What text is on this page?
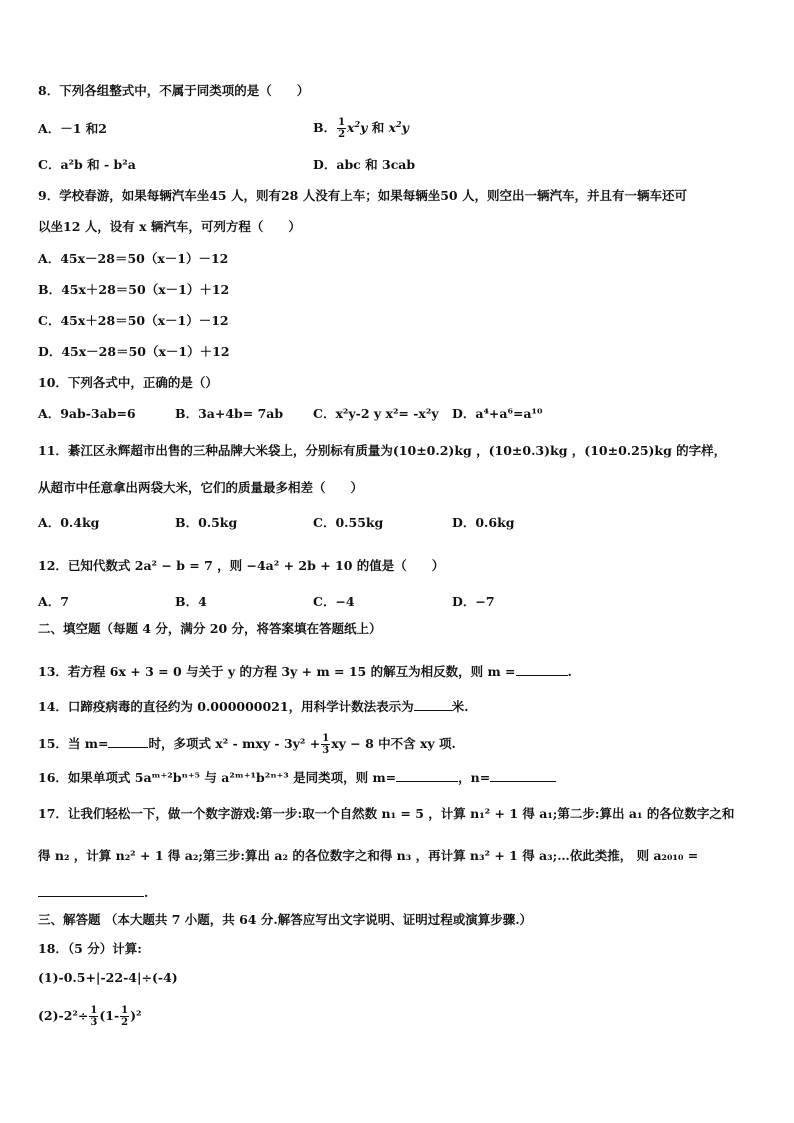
8．下列各组整式中，不属于同类项的是（　　）
A．－1 和2	B． $\frac{1}{2} x^2y$ 和 $x^2y$
C．a²b 和 - b²a	D．abc 和 3cab
9．学校春游，如果每辆汽车坐45 人，则有28 人没有上车；如果每辆坐50 人，则空出一辆汽车，并且有一辆车还可
以坐12 人，设有 x 辆汽车，可列方程（　　）
A．45x－28＝50（x－1）－12
B．45x＋28＝50（x－1）＋12
C．45x＋28＝50（x－1）－12
D．45x－28＝50（x－1）＋12
10．下列各式中，正确的是（）
A．9ab-3ab=6	B．3a+4b= 7ab C．x²y-2 y x²= -x²y D．a⁴+a⁶=a¹⁰
11．綦江区永辉超市出售的三种品牌大米袋上，分别标有质量为(10±0.2)kg ，(10±0.3)kg ，(10±0.25)kg 的字样，
从超市中任意拿出两袋大米，它们的质量最多相差（　　）
A．0.4kg	B．0.5kg	C．0.55kg	D．0.6kg
12．已知代数式 2a² − b = 7 ，则 −4a² + 2b + 10 的值是（　　）
A．7	B．4	C．−4	D．−7
二、填空题（每题 4 分，满分 20 分，将答案填在答题纸上）
13．若方程 6x + 3 = 0 与关于 y 的方程 3y + m = 15 的解互为相反数，则 m =	.
14．口蹄疫病毒的直径约为 0.000000021，用科学计数法表示为	米.
15．当 m=	时，多项式 x² - mxy - $3y^2 + \frac{1}{3}$ xy − 8 中不含 xy 项.
16．如果单项式 5aᵐ⁺²bⁿ⁺⁵ 与 a²ᵐ⁺¹b²ⁿ⁺³ 是同类项，则 m=	，n=
17．让我们轻松一下，做一个数字游戏:第一步:取一个自然数 n₁ = 5 ，计算 n₁² + 1 得 a₁;第二步:算出 a₁ 的各位数字之和
得 n₂ ，计算 n₂² + 1 得 a₂;第三步:算出 a₂ 的各位数字之和得 n₃ ，再计算 n₃² + 1 得 a₃;…依此类推， 则 a₂₀₁₀ =
.
三、解答题 （本大题共 7 小题，共 64 分.解答应写出文字说明、证明过程或演算步骤.）
18．（5 分）计算:
(1)-0.5+|-22-4|÷(-4)
$(2)-2^2\div \frac{1}{3} (1- \frac{1}{2} )^2$
